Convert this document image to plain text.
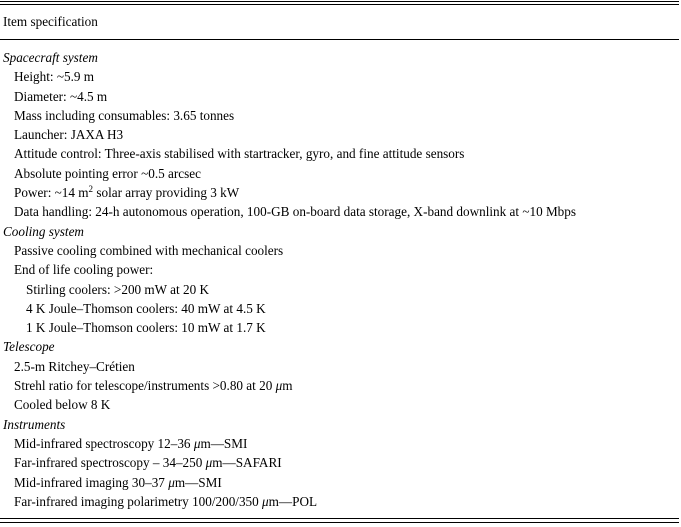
Item specification
Spacecraft system
Height: ~5.9 m
Diameter: ~4.5 m
Mass including consumables: 3.65 tonnes
Launcher: JAXA H3
Attitude control: Three-axis stabilised with startracker, gyro, and fine attitude sensors
Absolute pointing error ~0.5 arcsec
Power: ~14 $m^2$ solar array providing 3 kW
Data handling: 24-h autonomous operation, 100-GB on-board data storage, X-band downlink at ~10 Mbps
Cooling system
Passive cooling combined with mechanical coolers
End of life cooling power:
Stirling coolers: >200 mW at 20 K
4 K Joule–Thomson coolers: 40 mW at 4.5 K
1 K Joule–Thomson coolers: 10 mW at 1.7 K
Telescope
2.5-m Ritchey–Crétien
Strehl ratio for telescope/instruments >0.80 at 20 μm
Cooled below 8 K
Instruments
Mid-infrared spectroscopy 12–36 μm—SMI
Far-infrared spectroscopy – 34–250 μm—SAFARI
Mid-infrared imaging 30–37 μm—SMI
Far-infrared imaging polarimetry 100/200/350 μm—POL
